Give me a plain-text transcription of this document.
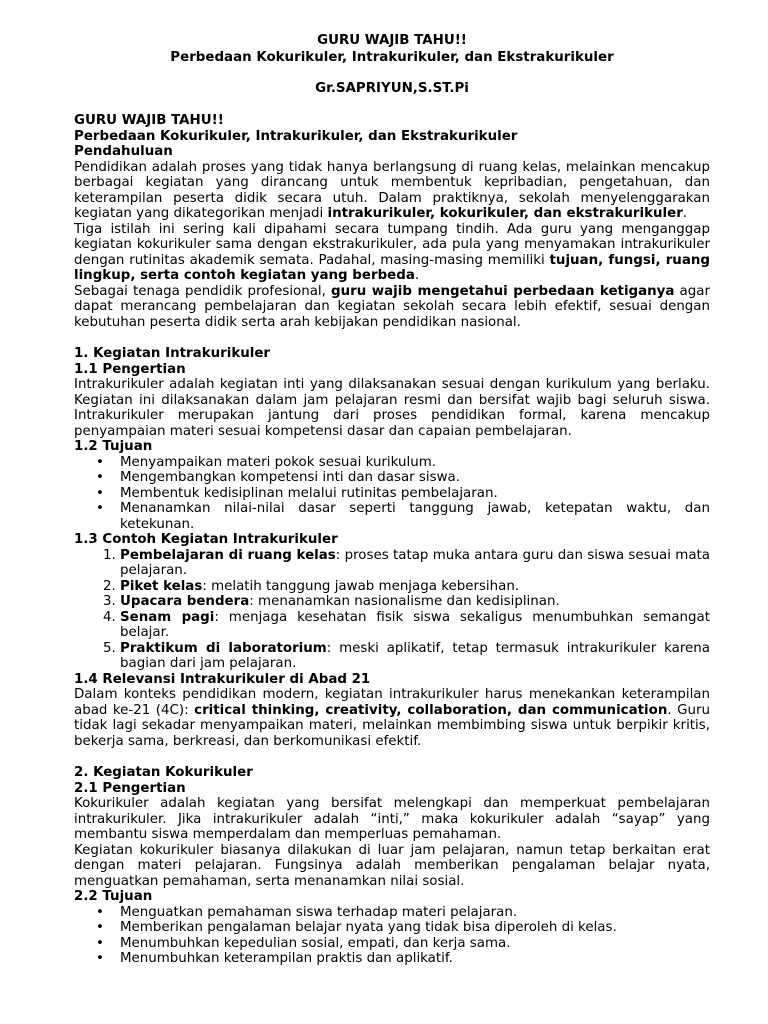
GURU WAJIB TAHU!!
Perbedaan Kokurikuler, Intrakurikuler, dan Ekstrakurikuler
Gr.SAPRIYUN,S.ST.Pi
GURU WAJIB TAHU!!
Perbedaan Kokurikuler, Intrakurikuler, dan Ekstrakurikuler
Pendahuluan

Pendidikan adalah proses yang tidak hanya berlangsung di ruang kelas, melainkan mencakup berbagai kegiatan yang dirancang untuk membentuk kepribadian, pengetahuan, dan keterampilan peserta didik secara utuh. Dalam praktiknya, sekolah menyelenggarakan kegiatan yang dikategorikan menjadi intrakurikuler, kokurikuler, dan ekstrakurikuler.

Tiga istilah ini sering kali dipahami secara tumpang tindih. Ada guru yang menganggap kegiatan kokurikuler sama dengan ekstrakurikuler, ada pula yang menyamakan intrakurikuler dengan rutinitas akademik semata. Padahal, masing-masing memiliki tujuan, fungsi, ruang lingkup, serta contoh kegiatan yang berbeda.

Sebagai tenaga pendidik profesional, guru wajib mengetahui perbedaan ketiganya agar dapat merancang pembelajaran dan kegiatan sekolah secara lebih efektif, sesuai dengan kebutuhan peserta didik serta arah kebijakan pendidikan nasional.

1. Kegiatan Intrakurikuler
1.1 Pengertian

Intrakurikuler adalah kegiatan inti yang dilaksanakan sesuai dengan kurikulum yang berlaku. Kegiatan ini dilaksanakan dalam jam pelajaran resmi dan bersifat wajib bagi seluruh siswa. Intrakurikuler merupakan jantung dari proses pendidikan formal, karena mencakup penyampaian materi sesuai kompetensi dasar dan capaian pembelajaran.

1.2 Tujuan
• Menyampaikan materi pokok sesuai kurikulum.
• Mengembangkan kompetensi inti dan dasar siswa.
• Membentuk kedisiplinan melalui rutinitas pembelajaran.
• Menanamkan nilai-nilai dasar seperti tanggung jawab, ketepatan waktu, dan ketekunan.
1.3 Contoh Kegiatan Intrakurikuler
1. Pembelajaran di ruang kelas: proses tatap muka antara guru dan siswa sesuai mata pelajaran.
2. Piket kelas: melatih tanggung jawab menjaga kebersihan.
3. Upacara bendera: menanamkan nasionalisme dan kedisiplinan.
4. Senam pagi: menjaga kesehatan fisik siswa sekaligus menumbuhkan semangat belajar.
5. Praktikum di laboratorium: meski aplikatif, tetap termasuk intrakurikuler karena bagian dari jam pelajaran.
1.4 Relevansi Intrakurikuler di Abad 21

Dalam konteks pendidikan modern, kegiatan intrakurikuler harus menekankan keterampilan abad ke-21 (4C): critical thinking, creativity, collaboration, dan communication. Guru tidak lagi sekadar menyampaikan materi, melainkan membimbing siswa untuk berpikir kritis, bekerja sama, berkreasi, dan berkomunikasi efektif.

2. Kegiatan Kokurikuler
2.1 Pengertian

Kokurikuler adalah kegiatan yang bersifat melengkapi dan memperkuat pembelajaran intrakurikuler. Jika intrakurikuler adalah “inti,” maka kokurikuler adalah “sayap” yang membantu siswa memperdalam dan memperluas pemahaman.

Kegiatan kokurikuler biasanya dilakukan di luar jam pelajaran, namun tetap berkaitan erat dengan materi pelajaran. Fungsinya adalah memberikan pengalaman belajar nyata, menguatkan pemahaman, serta menanamkan nilai sosial.

2.2 Tujuan
• Menguatkan pemahaman siswa terhadap materi pelajaran.
• Memberikan pengalaman belajar nyata yang tidak bisa diperoleh di kelas.
• Menumbuhkan kepedulian sosial, empati, dan kerja sama.
• Menumbuhkan keterampilan praktis dan aplikatif.
